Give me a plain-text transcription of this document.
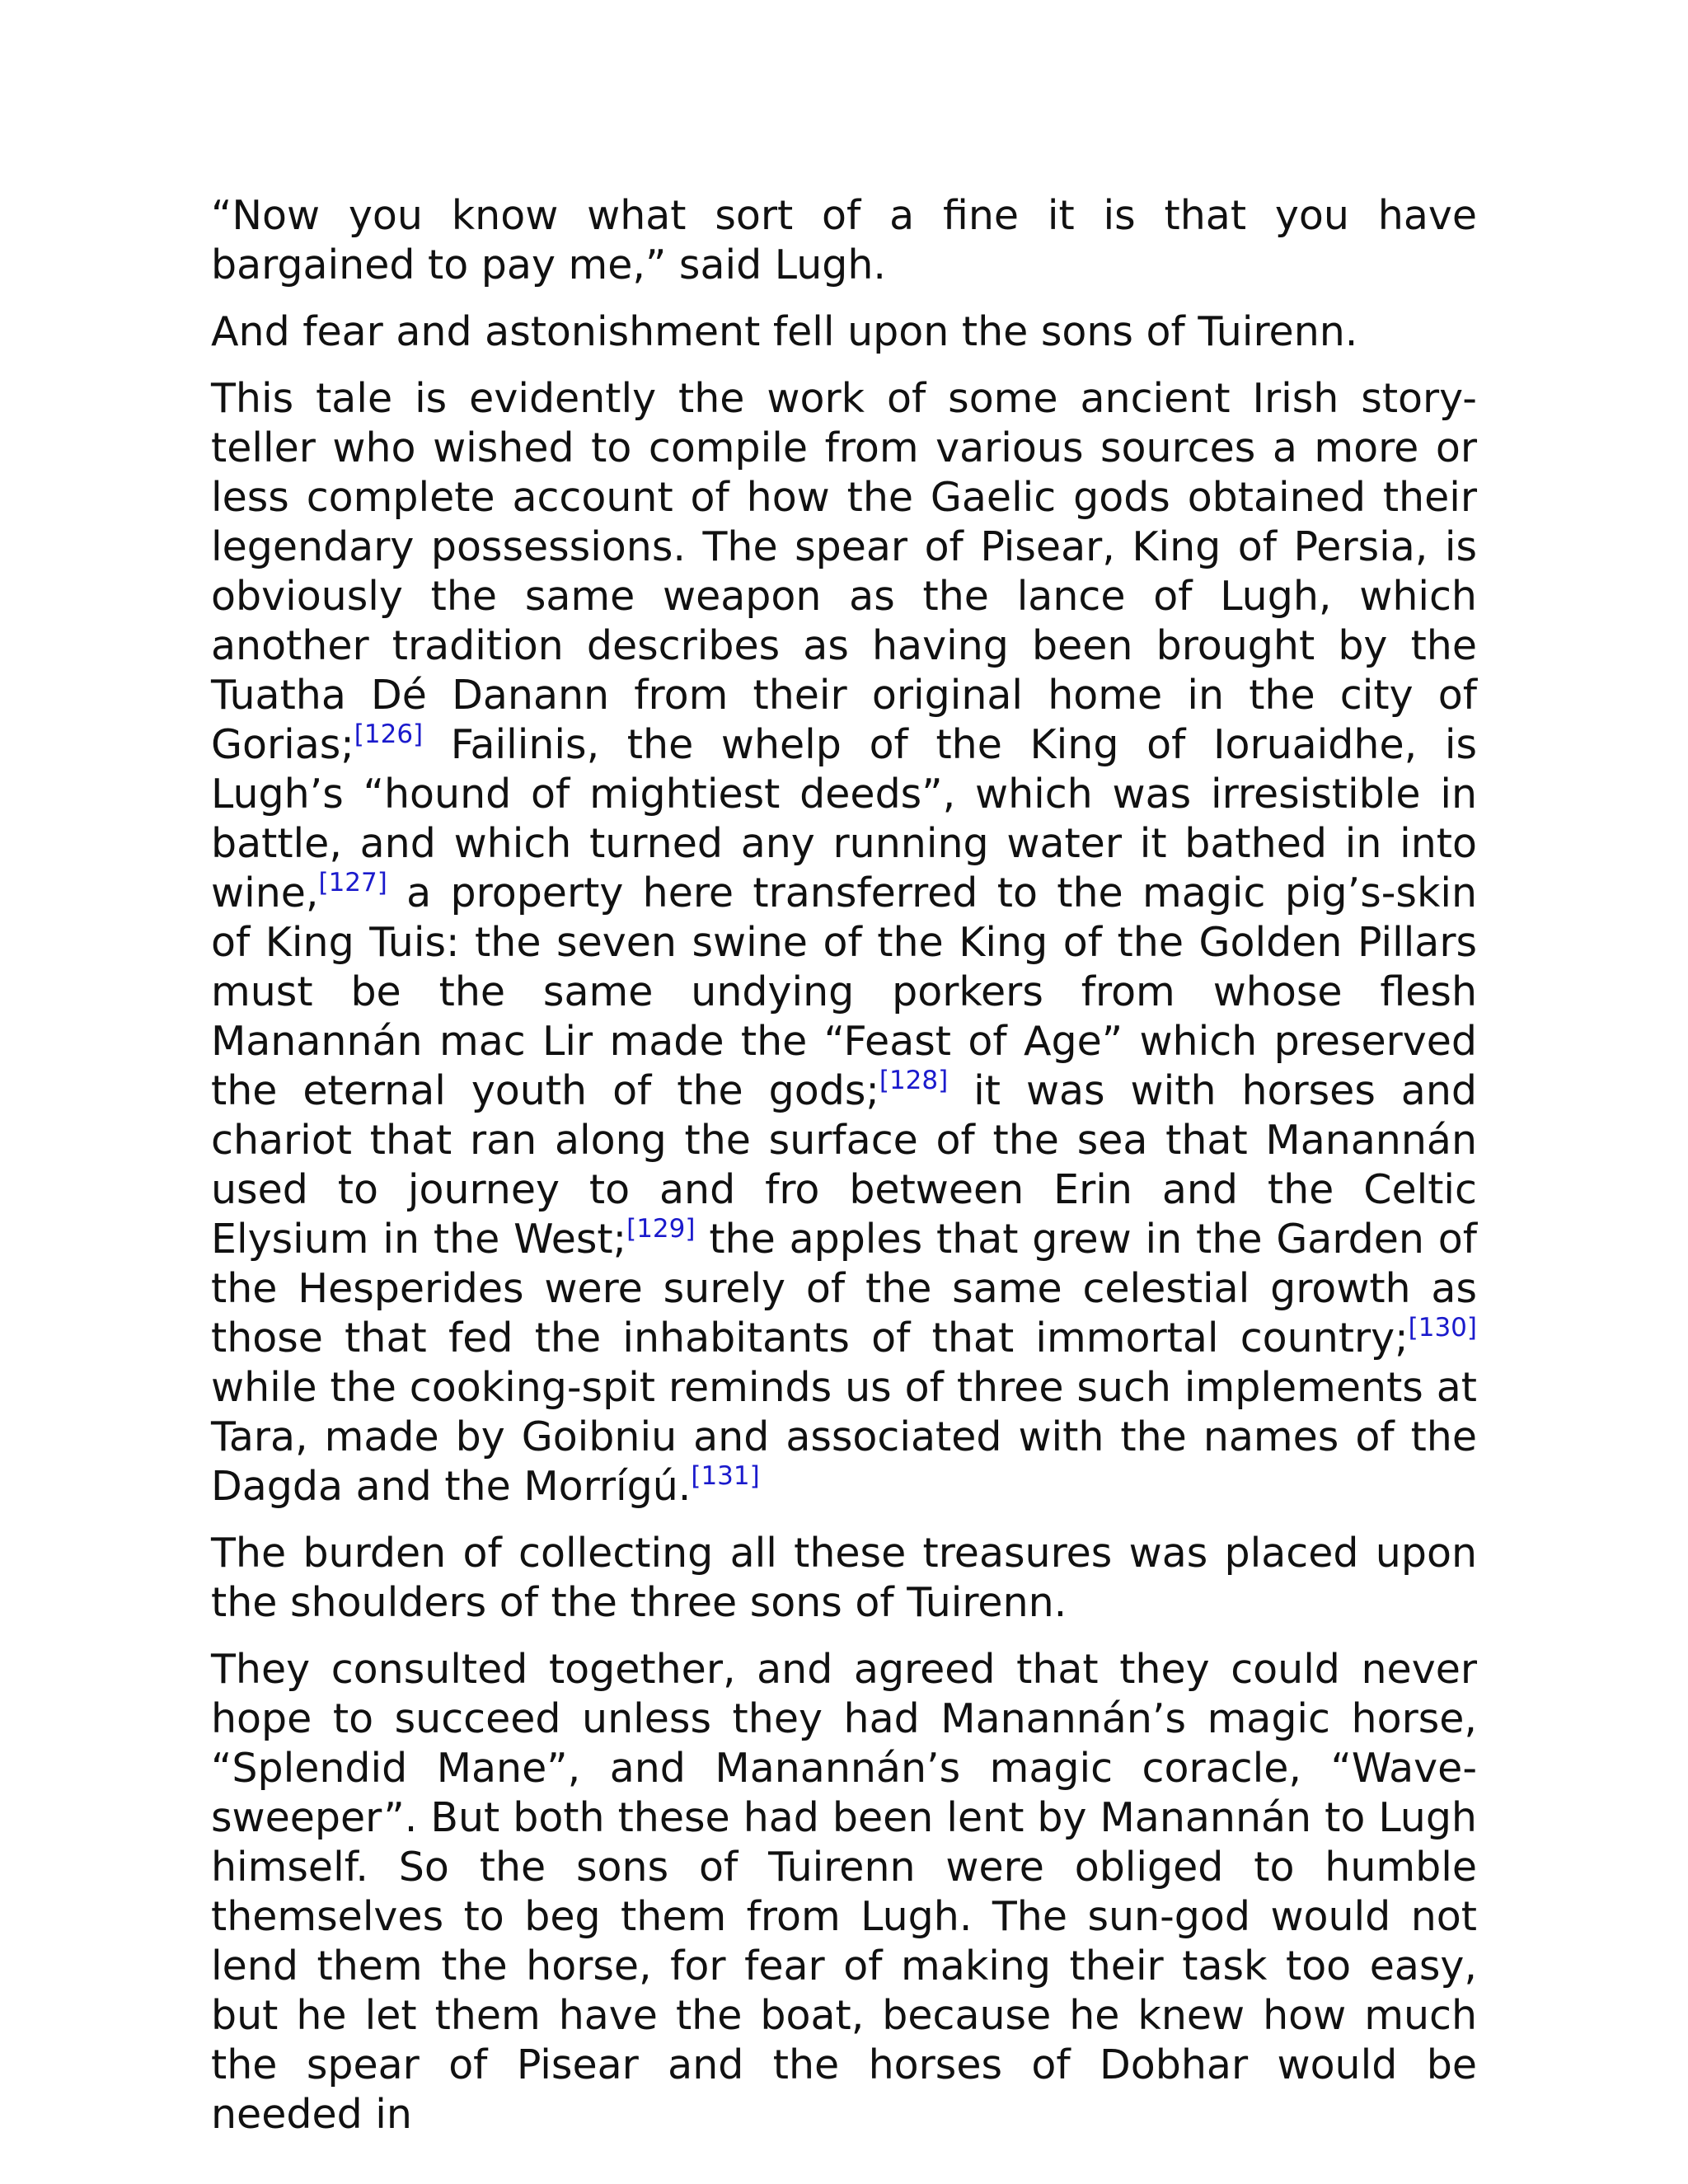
“Now you know what sort of a fine it is that you have bargained to pay me,” said Lugh.

And fear and astonishment fell upon the sons of Tuirenn.

This tale is evidently the work of some ancient Irish story-teller who wished to compile from various sources a more or less complete account of how the Gaelic gods obtained their legendary possessions. The spear of Pisear, King of Persia, is obviously the same weapon as the lance of Lugh, which another tradition describes as having been brought by the Tuatha Dé Danann from their original home in the city of Gorias;[126] Failinis, the whelp of the King of Ioruaidhe, is Lugh’s “hound of mightiest deeds”, which was irresistible in battle, and which turned any running water it bathed in into wine,[127] a property here transferred to the magic pig’s-skin of King Tuis: the seven swine of the King of the Golden Pillars must be the same undying porkers from whose flesh Manannán mac Lir made the “Feast of Age” which preserved the eternal youth of the gods;[128] it was with horses and chariot that ran along the surface of the sea that Manannán used to journey to and fro between Erin and the Celtic Elysium in the West;[129] the apples that grew in the Garden of the Hesperides were surely of the same celestial growth as those that fed the inhabitants of that immortal country;[130] while the cooking-spit reminds us of three such implements at Tara, made by Goibniu and associated with the names of the Dagda and the Morrígú.[131]

The burden of collecting all these treasures was placed upon the shoulders of the three sons of Tuirenn.

They consulted together, and agreed that they could never hope to succeed unless they had Manannán’s magic horse, “Splendid Mane”, and Manannán’s magic coracle, “Wave-sweeper”. But both these had been lent by Manannán to Lugh himself. So the sons of Tuirenn were obliged to humble themselves to beg them from Lugh. The sun-god would not lend them the horse, for fear of making their task too easy, but he let them have the boat, because he knew how much the spear of Pisear and the horses of Dobhar would be needed in
